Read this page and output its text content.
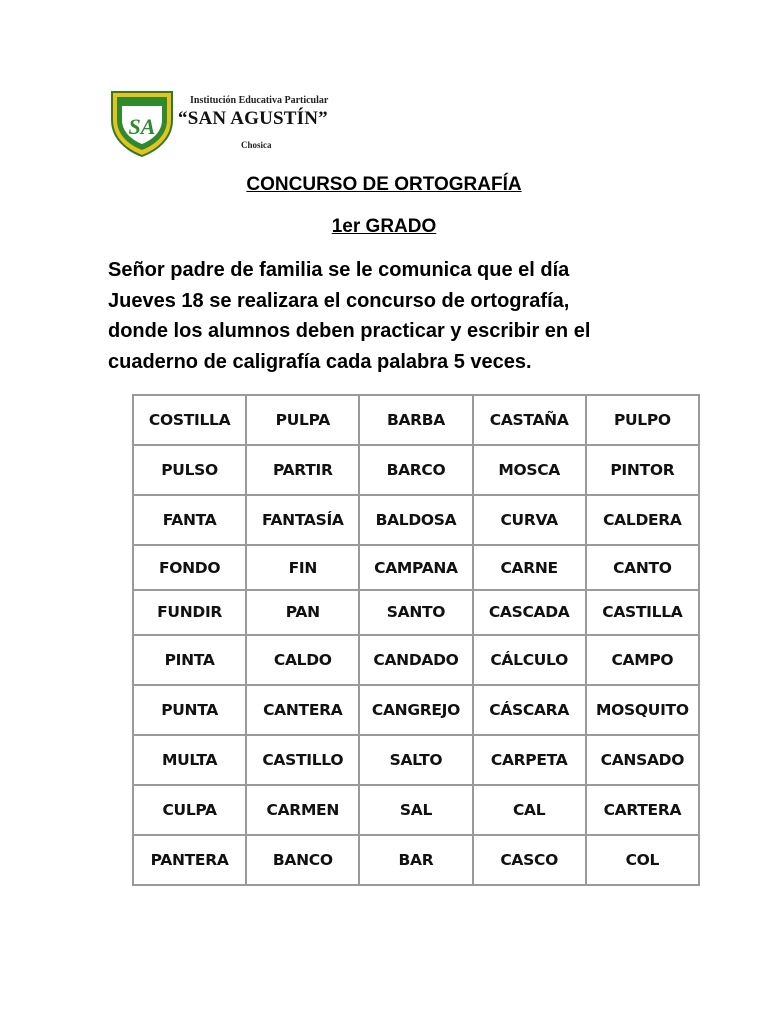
SA
Institución Educativa Particular
“SAN AGUSTÍN”
Chosica
CONCURSO DE ORTOGRAFÍA
1er GRADO
Señor padre de familia se le comunica que el día
Jueves 18 se realizara el concurso de ortografía,
donde los alumnos deben practicar y escribir en el
cuaderno de caligrafía cada palabra 5 veces.
COSTILLA	PULPA	BARBA	CASTAÑA	PULPO
PULSO	PARTIR	BARCO	MOSCA	PINTOR
FANTA	FANTASÍA	BALDOSA	CURVA	CALDERA
FONDO	FIN	CAMPANA	CARNE	CANTO
FUNDIR	PAN	SANTO	CASCADA	CASTILLA
PINTA	CALDO	CANDADO	CÁLCULO	CAMPO
PUNTA	CANTERA	CANGREJO	CÁSCARA	MOSQUITO
MULTA	CASTILLO	SALTO	CARPETA	CANSADO
CULPA	CARMEN	SAL	CAL	CARTERA
PANTERA	BANCO	BAR	CASCO	COL
